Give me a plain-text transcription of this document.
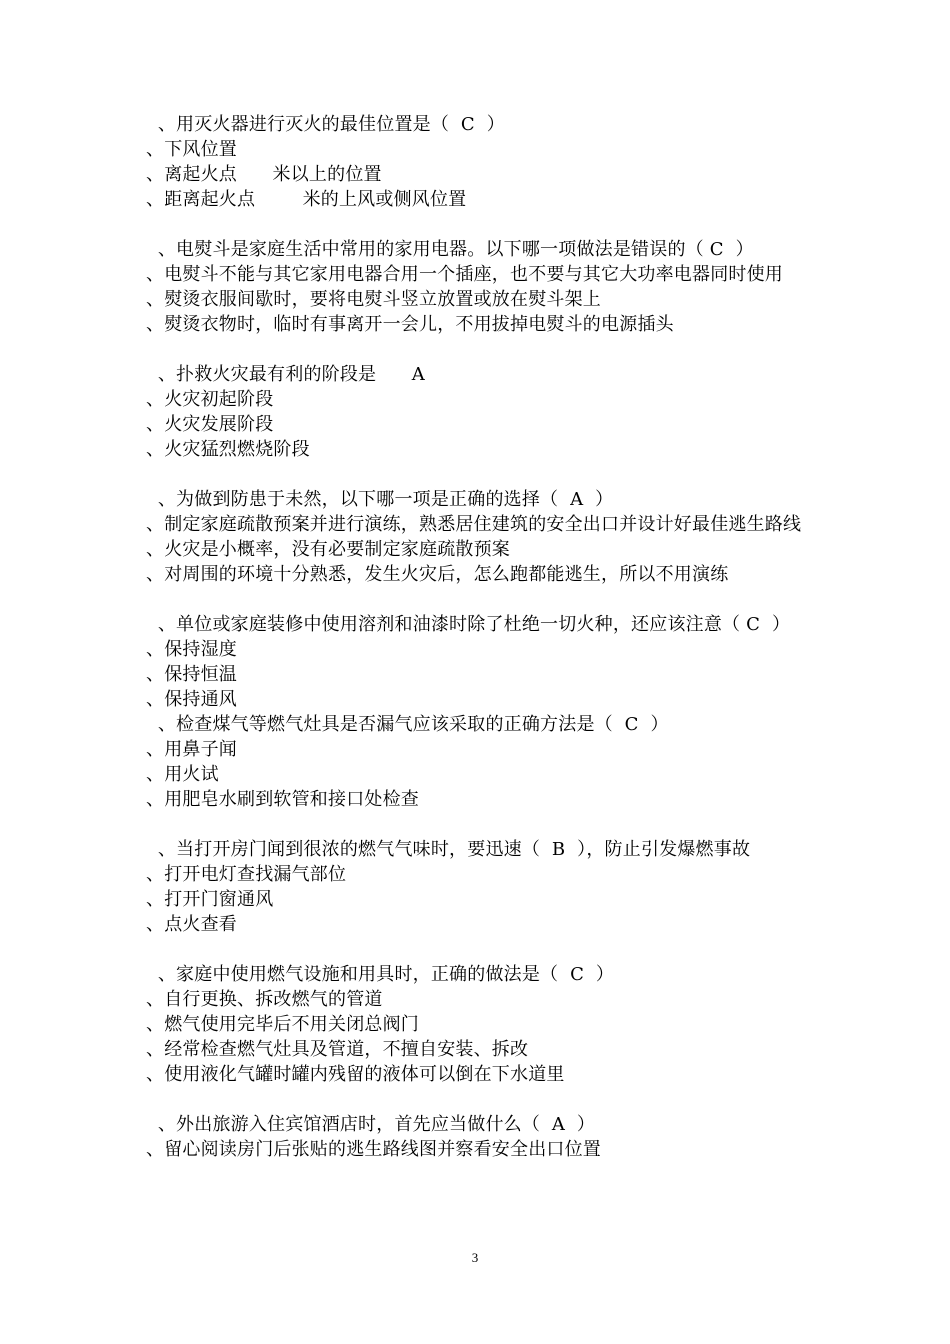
、用灭火器进行灭火的最佳位置是（  C  ）
、下风位置
、离起火点      米以上的位置
、距离起火点        米的上风或侧风位置
、电熨斗是家庭生活中常用的家用电器。以下哪一项做法是错误的（ C  ）
、电熨斗不能与其它家用电器合用一个插座，也不要与其它大功率电器同时使用
、熨烫衣服间歇时，要将电熨斗竖立放置或放在熨斗架上
、熨烫衣物时，临时有事离开一会儿，不用拔掉电熨斗的电源插头
、扑救火灾最有利的阶段是      A
、火灾初起阶段
、火灾发展阶段
、火灾猛烈燃烧阶段
、为做到防患于未然，以下哪一项是正确的选择（  A  ）
、制定家庭疏散预案并进行演练，熟悉居住建筑的安全出口并设计好最佳逃生路线
、火灾是小概率，没有必要制定家庭疏散预案
、对周围的环境十分熟悉，发生火灾后，怎么跑都能逃生，所以不用演练
、单位或家庭装修中使用溶剂和油漆时除了杜绝一切火种，还应该注意（ C  ）
、保持湿度
、保持恒温
、保持通风
、检查煤气等燃气灶具是否漏气应该采取的正确方法是（  C  ）
、用鼻子闻
、用火试
、用肥皂水刷到软管和接口处检查
、当打开房门闻到很浓的燃气气味时，要迅速（  B  ），防止引发爆燃事故
、打开电灯查找漏气部位
、打开门窗通风
、点火查看
、家庭中使用燃气设施和用具时，正确的做法是（  C  ）
、自行更换、拆改燃气的管道
、燃气使用完毕后不用关闭总阀门
、经常检查燃气灶具及管道，不擅自安装、拆改
、使用液化气罐时罐内残留的液体可以倒在下水道里
、外出旅游入住宾馆酒店时，首先应当做什么（  A  ）
、留心阅读房门后张贴的逃生路线图并察看安全出口位置
3
